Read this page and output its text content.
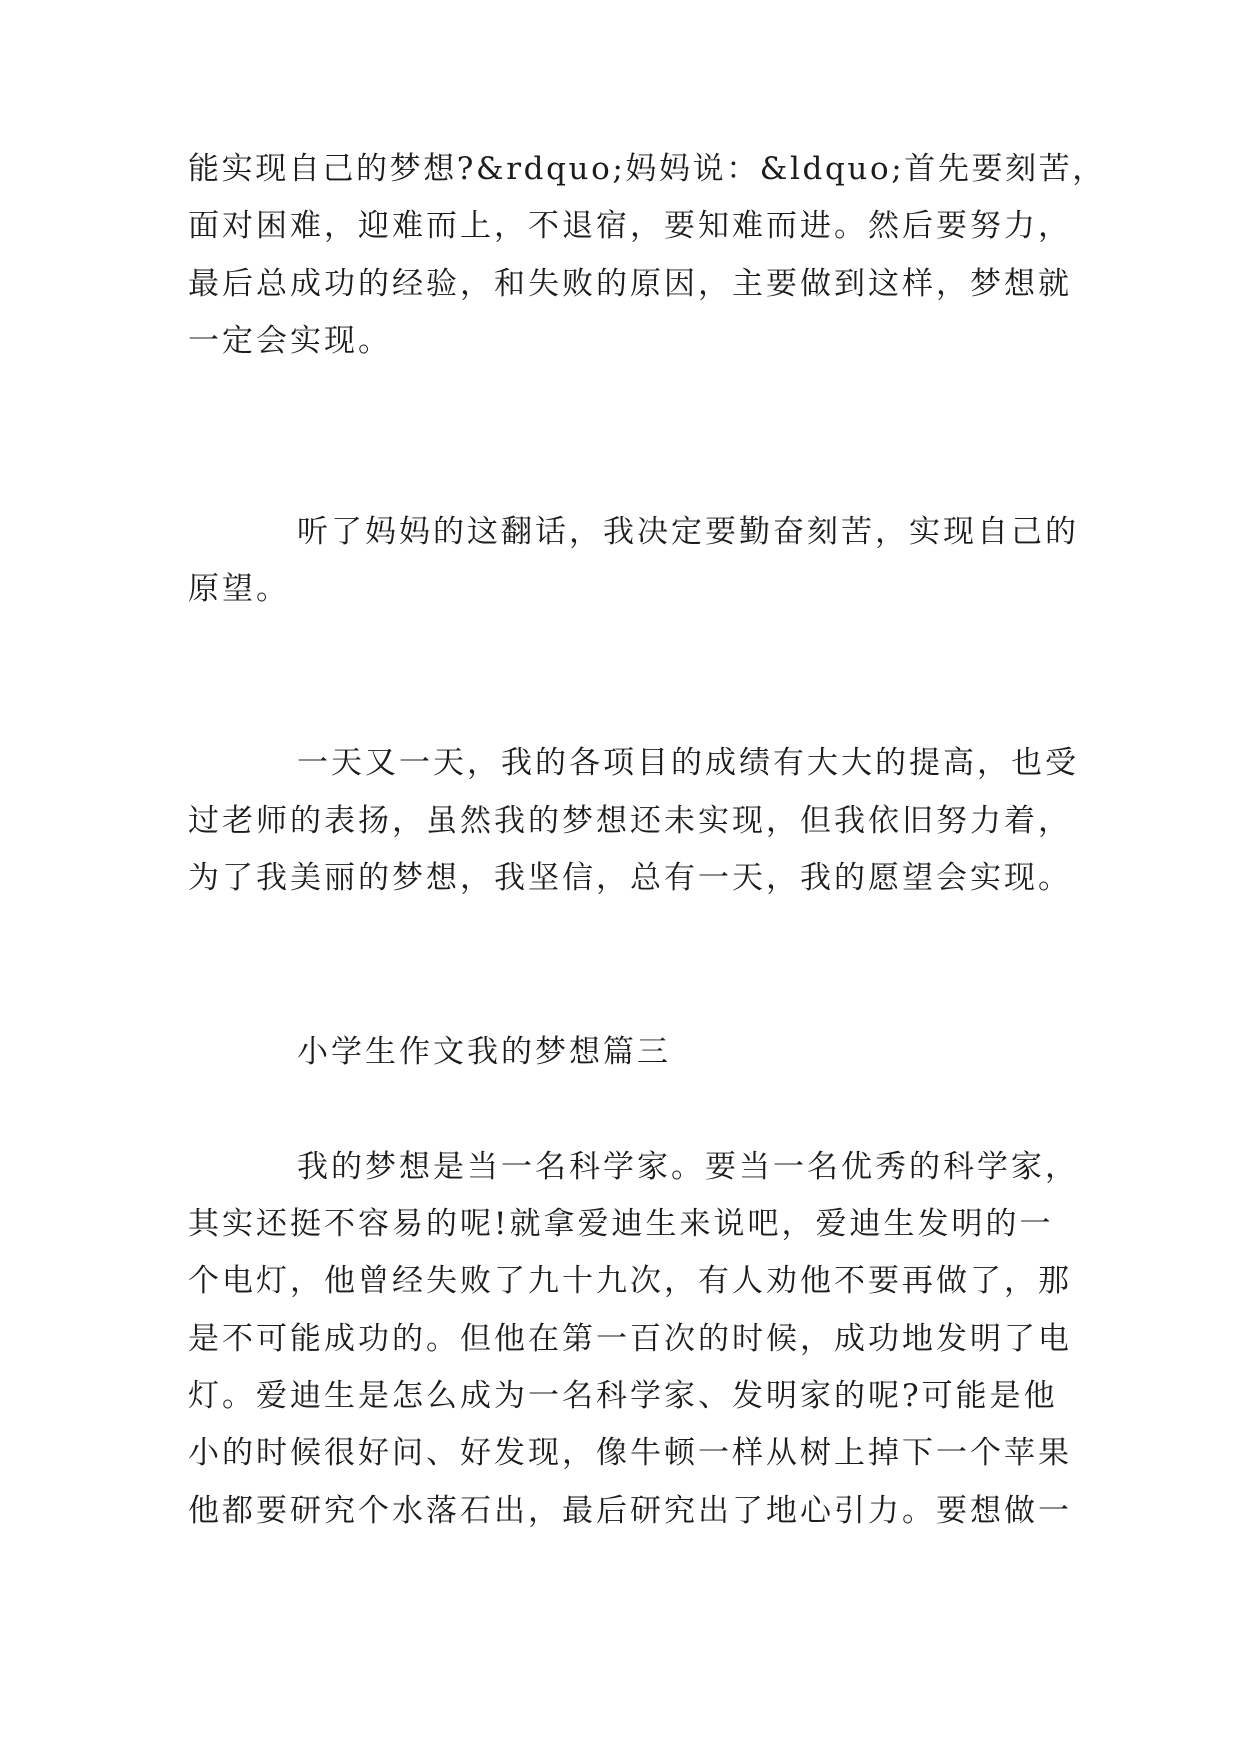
能实现自己的梦想?&rdquo;妈妈说：&ldquo;首先要刻苦，
面对困难，迎难而上，不退宿，要知难而进。然后要努力，
最后总成功的经验，和失败的原因，主要做到这样，梦想就
一定会实现。
听了妈妈的这翻话，我决定要勤奋刻苦，实现自己的
原望。
一天又一天，我的各项目的成绩有大大的提高，也受
过老师的表扬，虽然我的梦想还未实现，但我依旧努力着，
为了我美丽的梦想，我坚信，总有一天，我的愿望会实现。
小学生作文我的梦想篇三
我的梦想是当一名科学家。要当一名优秀的科学家，
其实还挺不容易的呢!就拿爱迪生来说吧，爱迪生发明的一
个电灯，他曾经失败了九十九次，有人劝他不要再做了，那
是不可能成功的。但他在第一百次的时候，成功地发明了电
灯。爱迪生是怎么成为一名科学家、发明家的呢?可能是他
小的时候很好问、好发现，像牛顿一样从树上掉下一个苹果
他都要研究个水落石出，最后研究出了地心引力。要想做一
